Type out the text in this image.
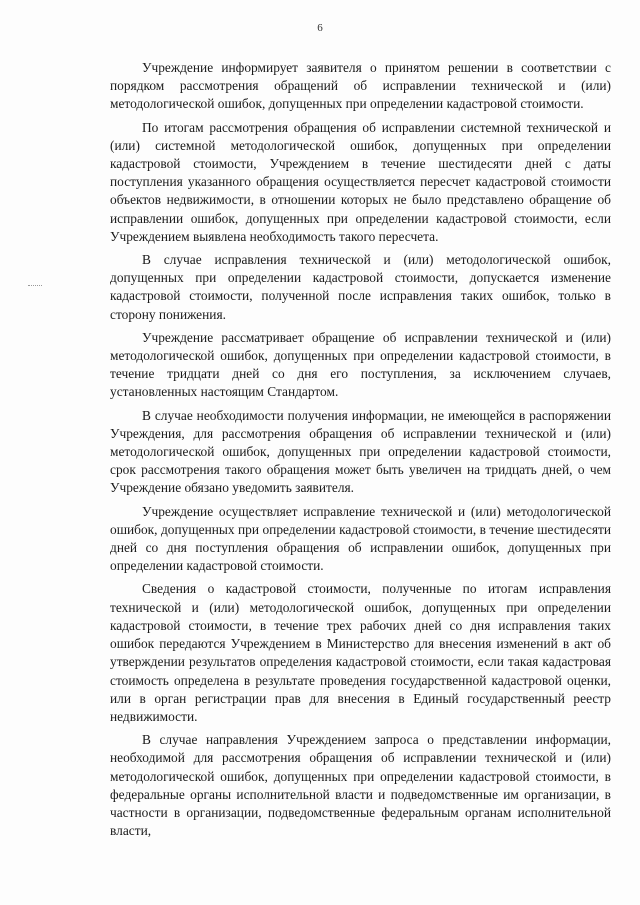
6

Учреждение информирует заявителя о принятом решении в соответствии с порядком рассмотрения обращений об исправлении технической и (или) методологической ошибок, допущенных при определении кадастровой стоимости.

По итогам рассмотрения обращения об исправлении системной технической и (или) системной методологической ошибок, допущенных при определении кадастровой стоимости, Учреждением в течение шестидесяти дней с даты поступления указанного обращения осуществляется пересчет кадастровой стоимости объектов недвижимости, в отношении которых не было представлено обращение об исправлении ошибок, допущенных при определении кадастровой стоимости, если Учреждением выявлена необходимость такого пересчета.

В случае исправления технической и (или) методологической ошибок, допущенных при определении кадастровой стоимости, допускается изменение кадастровой стоимости, полученной после исправления таких ошибок, только в сторону понижения.

Учреждение рассматривает обращение об исправлении технической и (или) методологической ошибок, допущенных при определении кадастровой стоимости, в течение тридцати дней со дня его поступления, за исключением случаев, установленных настоящим Стандартом.

В случае необходимости получения информации, не имеющейся в распоряжении Учреждения, для рассмотрения обращения об исправлении технической и (или) методологической ошибок, допущенных при определении кадастровой стоимости, срок рассмотрения такого обращения может быть увеличен на тридцать дней, о чем Учреждение обязано уведомить заявителя.

Учреждение осуществляет исправление технической и (или) методологической ошибок, допущенных при определении кадастровой стоимости, в течение шестидесяти дней со дня поступления обращения об исправлении ошибок, допущенных при определении кадастровой стоимости.

Сведения о кадастровой стоимости, полученные по итогам исправления технической и (или) методологической ошибок, допущенных при определении кадастровой стоимости, в течение трех рабочих дней со дня исправления таких ошибок передаются Учреждением в Министерство для внесения изменений в акт об утверждении результатов определения кадастровой стоимости, если такая кадастровая стоимость определена в результате проведения государственной кадастровой оценки, или в орган регистрации прав для внесения в Единый государственный реестр недвижимости.

В случае направления Учреждением запроса о представлении информации, необходимой для рассмотрения обращения об исправлении технической и (или) методологической ошибок, допущенных при определении кадастровой стоимости, в федеральные органы исполнительной власти и подведомственные им организации, в частности в организации, подведомственные федеральным органам исполнительной власти,
